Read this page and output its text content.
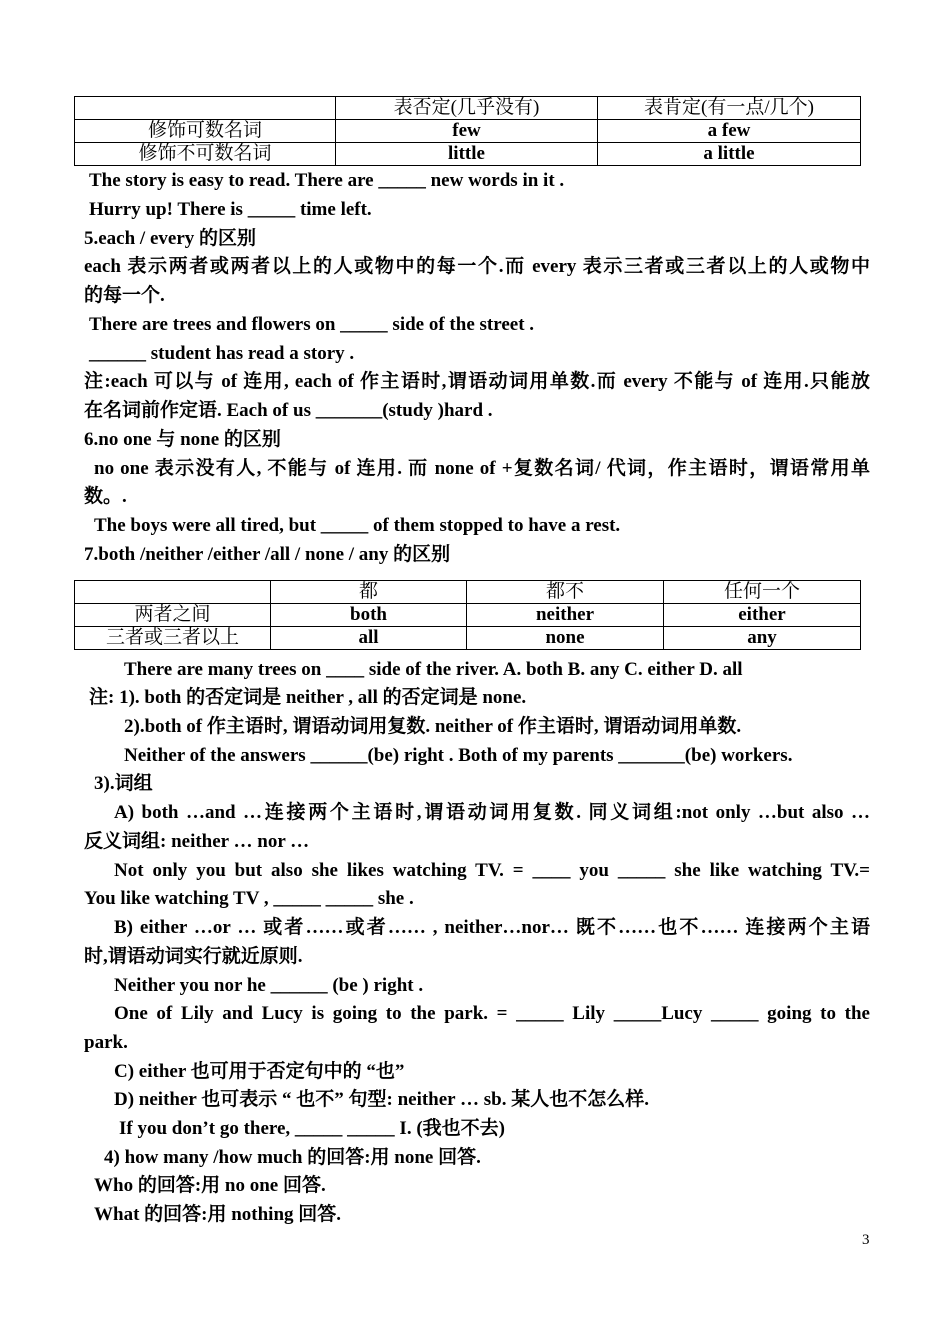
	表否定(几乎没有)	表肯定(有一点/几个)
修饰可数名词	few	a few
修饰不可数名词	little	a little
The story is easy to read. There are _____ new words in it .
Hurry up! There is _____ time left.
5.each / every 的区别
each 表示两者或两者以上的人或物中的每一个.而 every 表示三者或三者以上的人或物中
的每一个.
There are trees and flowers on _____ side of the street .
______ student has read a story .
注:each 可以与 of 连用, each of 作主语时,谓语动词用单数.而 every 不能与 of 连用.只能放
在名词前作定语. Each of us _______(study )hard .
6.no one 与 none 的区别
no one 表示没有人, 不能与 of 连用. 而 none of +复数名词/ 代词，作主语时，谓语常用单
数。.
The boys were all tired, but _____ of them stopped to have a rest.
7.both /neither /either /all / none / any 的区别
	都	都不	任何一个
两者之间	both	neither	either
三者或三者以上	all	none	any
There are many trees on ____ side of the river. A. both B. any C. either D. all
注: 1). both 的否定词是 neither , all 的否定词是 none.
2).both of 作主语时, 谓语动词用复数. neither of 作主语时, 谓语动词用单数.
Neither of the answers ______(be) right . Both of my parents _______(be) workers.
3).词组
A) both …and …连接两个主语时,谓语动词用复数. 同义词组:not only …but also …
反义词组: neither … nor …
Not only you but also she likes watching TV. = ____ you _____ she like watching TV.=
You like watching TV , _____ _____ she .
B) either …or … 或者……或者…… , neither…nor… 既不……也不…… 连接两个主语
时,谓语动词实行就近原则.
Neither you nor he ______ (be ) right .
One of Lily and Lucy is going to the park. = _____ Lily _____Lucy _____ going to the
park.
C) either 也可用于否定句中的 “也”
D) neither 也可表示 “ 也不” 句型: neither … sb. 某人也不怎么样.
If you don’t go there, _____ _____ I. (我也不去)
4) how many /how much 的回答:用 none 回答.
Who 的回答:用 no one 回答.
What 的回答:用 nothing 回答.
3
